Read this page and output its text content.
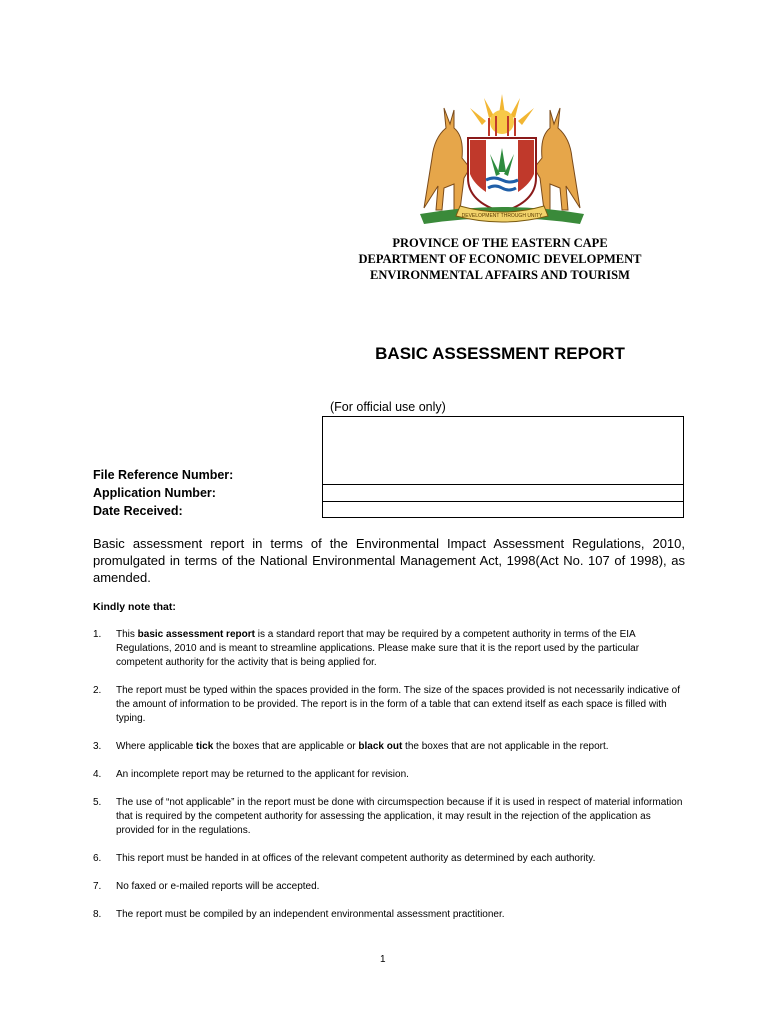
DEVELOPMENT THROUGH UNITY
PROVINCE OF THE EASTERN CAPE
DEPARTMENT OF ECONOMIC DEVELOPMENT
ENVIRONMENTAL AFFAIRS AND TOURISM
BASIC ASSESSMENT REPORT
(For official use only)
File Reference Number:
Application Number:
Date Received:
Basic assessment report in terms of the Environmental Impact Assessment Regulations, 2010, promulgated in terms of the National Environmental Management Act, 1998(Act No. 107 of 1998), as amended.
Kindly note that:
1. This basic assessment report is a standard report that may be required by a competent authority in terms of the EIA Regulations, 2010 and is meant to streamline applications. Please make sure that it is the report used by the particular competent authority for the activity that is being applied for.
2. The report must be typed within the spaces provided in the form. The size of the spaces provided is not necessarily indicative of the amount of information to be provided. The report is in the form of a table that can extend itself as each space is filled with typing.
3. Where applicable tick the boxes that are applicable or black out the boxes that are not applicable in the report.
4. An incomplete report may be returned to the applicant for revision.
5. The use of “not applicable” in the report must be done with circumspection because if it is used in respect of material information that is required by the competent authority for assessing the application, it may result in the rejection of the application as provided for in the regulations.
6. This report must be handed in at offices of the relevant competent authority as determined by each authority.
7. No faxed or e-mailed reports will be accepted.
8. The report must be compiled by an independent environmental assessment practitioner.
1
